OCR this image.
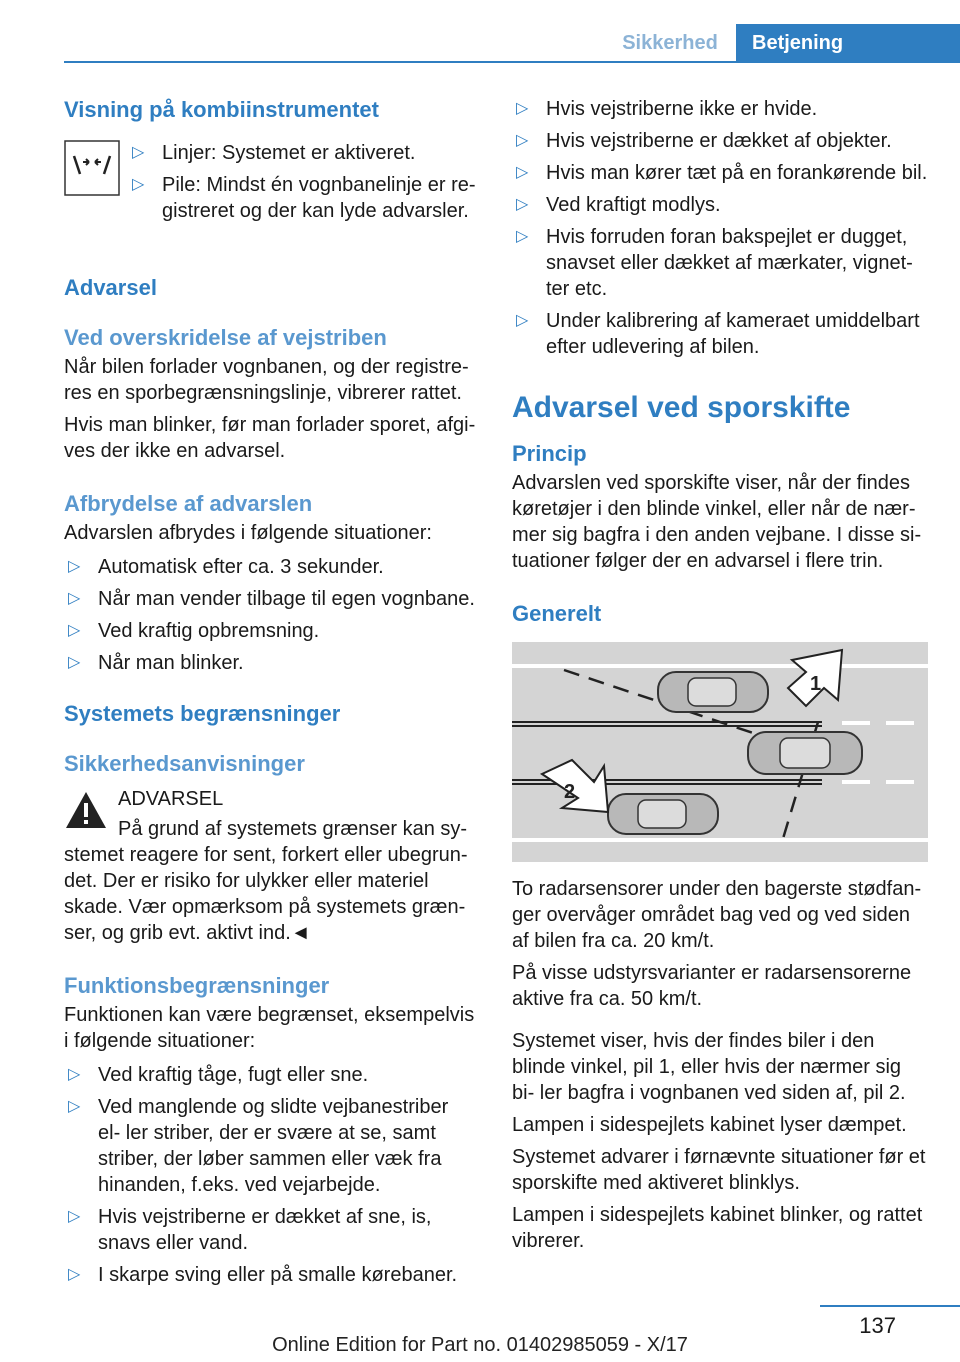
Sikkerhed	Betjening
Visning på kombiinstrumentet
▷ Linjer: Systemet er aktiveret.
▷ Pile: Mindst én vognbanelinje er re‐ gistreret og der kan lyde advarsler.
Advarsel
Ved overskridelse af vejstriben

Når bilen forlader vognbanen, og der registre‐ res en sporbegrænsningslinje, vibrerer rattet.

Hvis man blinker, før man forlader sporet, afgi‐ ves der ikke en advarsel.

Afbrydelse af advarslen

Advarslen afbrydes i følgende situationer:

▷ Automatisk efter ca. 3 sekunder.
▷ Når man vender tilbage til egen vognbane.
▷ Ved kraftig opbremsning.
▷ Når man blinker.
Systemets begrænsninger
Sikkerhedsanvisninger

ADVARSEL

På grund af systemets grænser kan sy‐ stemet reagere for sent, forkert eller ubegrun‐ det. Der er risiko for ulykker eller materiel skade. Vær opmærksom på systemets græn‐ ser, og grib evt. aktivt ind.◄

Funktionsbegrænsninger

Funktionen kan være begrænset, eksempelvis i følgende situationer:

▷ Ved kraftig tåge, fugt eller sne.
▷ Ved manglende og slidte vejbanestriber el‐ ler striber, der er svære at se, samt striber, der løber sammen eller væk fra hinanden, f.eks. ved vejarbejde.
▷ Hvis vejstriberne er dækket af sne, is, snavs eller vand.
▷ I skarpe sving eller på smalle kørebaner.
▷ Hvis vejstriberne ikke er hvide.
▷ Hvis vejstriberne er dækket af objekter.
▷ Hvis man kører tæt på en forankørende bil.
▷ Ved kraftigt modlys.
▷ Hvis forruden foran bakspejlet er dugget, snavset eller dækket af mærkater, vignet‐ ter etc.
▷ Under kalibrering af kameraet umiddelbart efter udlevering af bilen.
Advarsel ved sporskifte
Princip

Advarslen ved sporskifte viser, når der findes køretøjer i den blinde vinkel, eller når de nær‐ mer sig bagfra i den anden vejbane. I disse si‐ tuationer følger der en advarsel i flere trin.

Generelt
1
2

To radarsensorer under den bagerste stødfan‐ ger overvåger området bag ved og ved siden af bilen fra ca. 20 km/t.

På visse udstyrsvarianter er radarsensorerne aktive fra ca. 50 km/t.

Systemet viser, hvis der findes biler i den blinde vinkel, pil 1, eller hvis der nærmer sig bi‐ ler bagfra i vognbanen ved siden af, pil 2.

Lampen i sidespejlets kabinet lyser dæmpet.

Systemet advarer i førnævnte situationer før et sporskifte med aktiveret blinklys.

Lampen i sidespejlets kabinet blinker, og rattet vibrerer.

137
Online Edition for Part no. 01402985059 - X/17
